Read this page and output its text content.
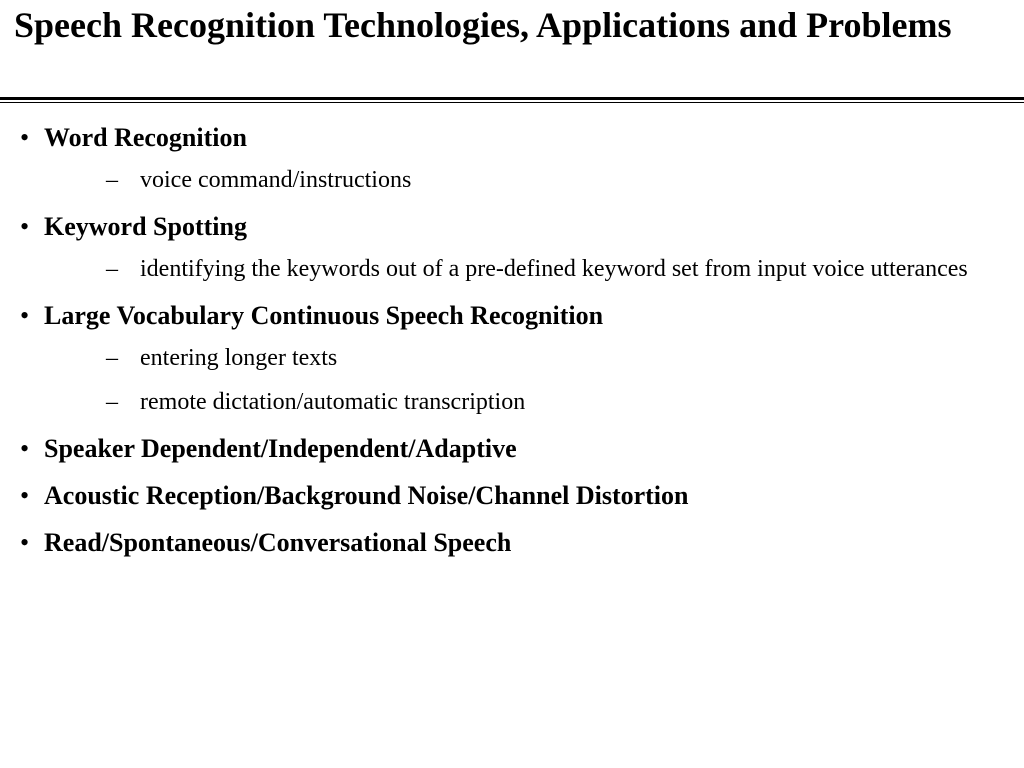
Speech Recognition Technologies, Applications and Problems
• Word Recognition
– voice command/instructions
• Keyword Spotting
– identifying the keywords out of a pre-defined keyword set from input voice utterances
• Large Vocabulary Continuous Speech Recognition
– entering longer texts
– remote dictation/automatic transcription
• Speaker Dependent/Independent/Adaptive
• Acoustic Reception/Background Noise/Channel Distortion
• Read/Spontaneous/Conversational Speech
